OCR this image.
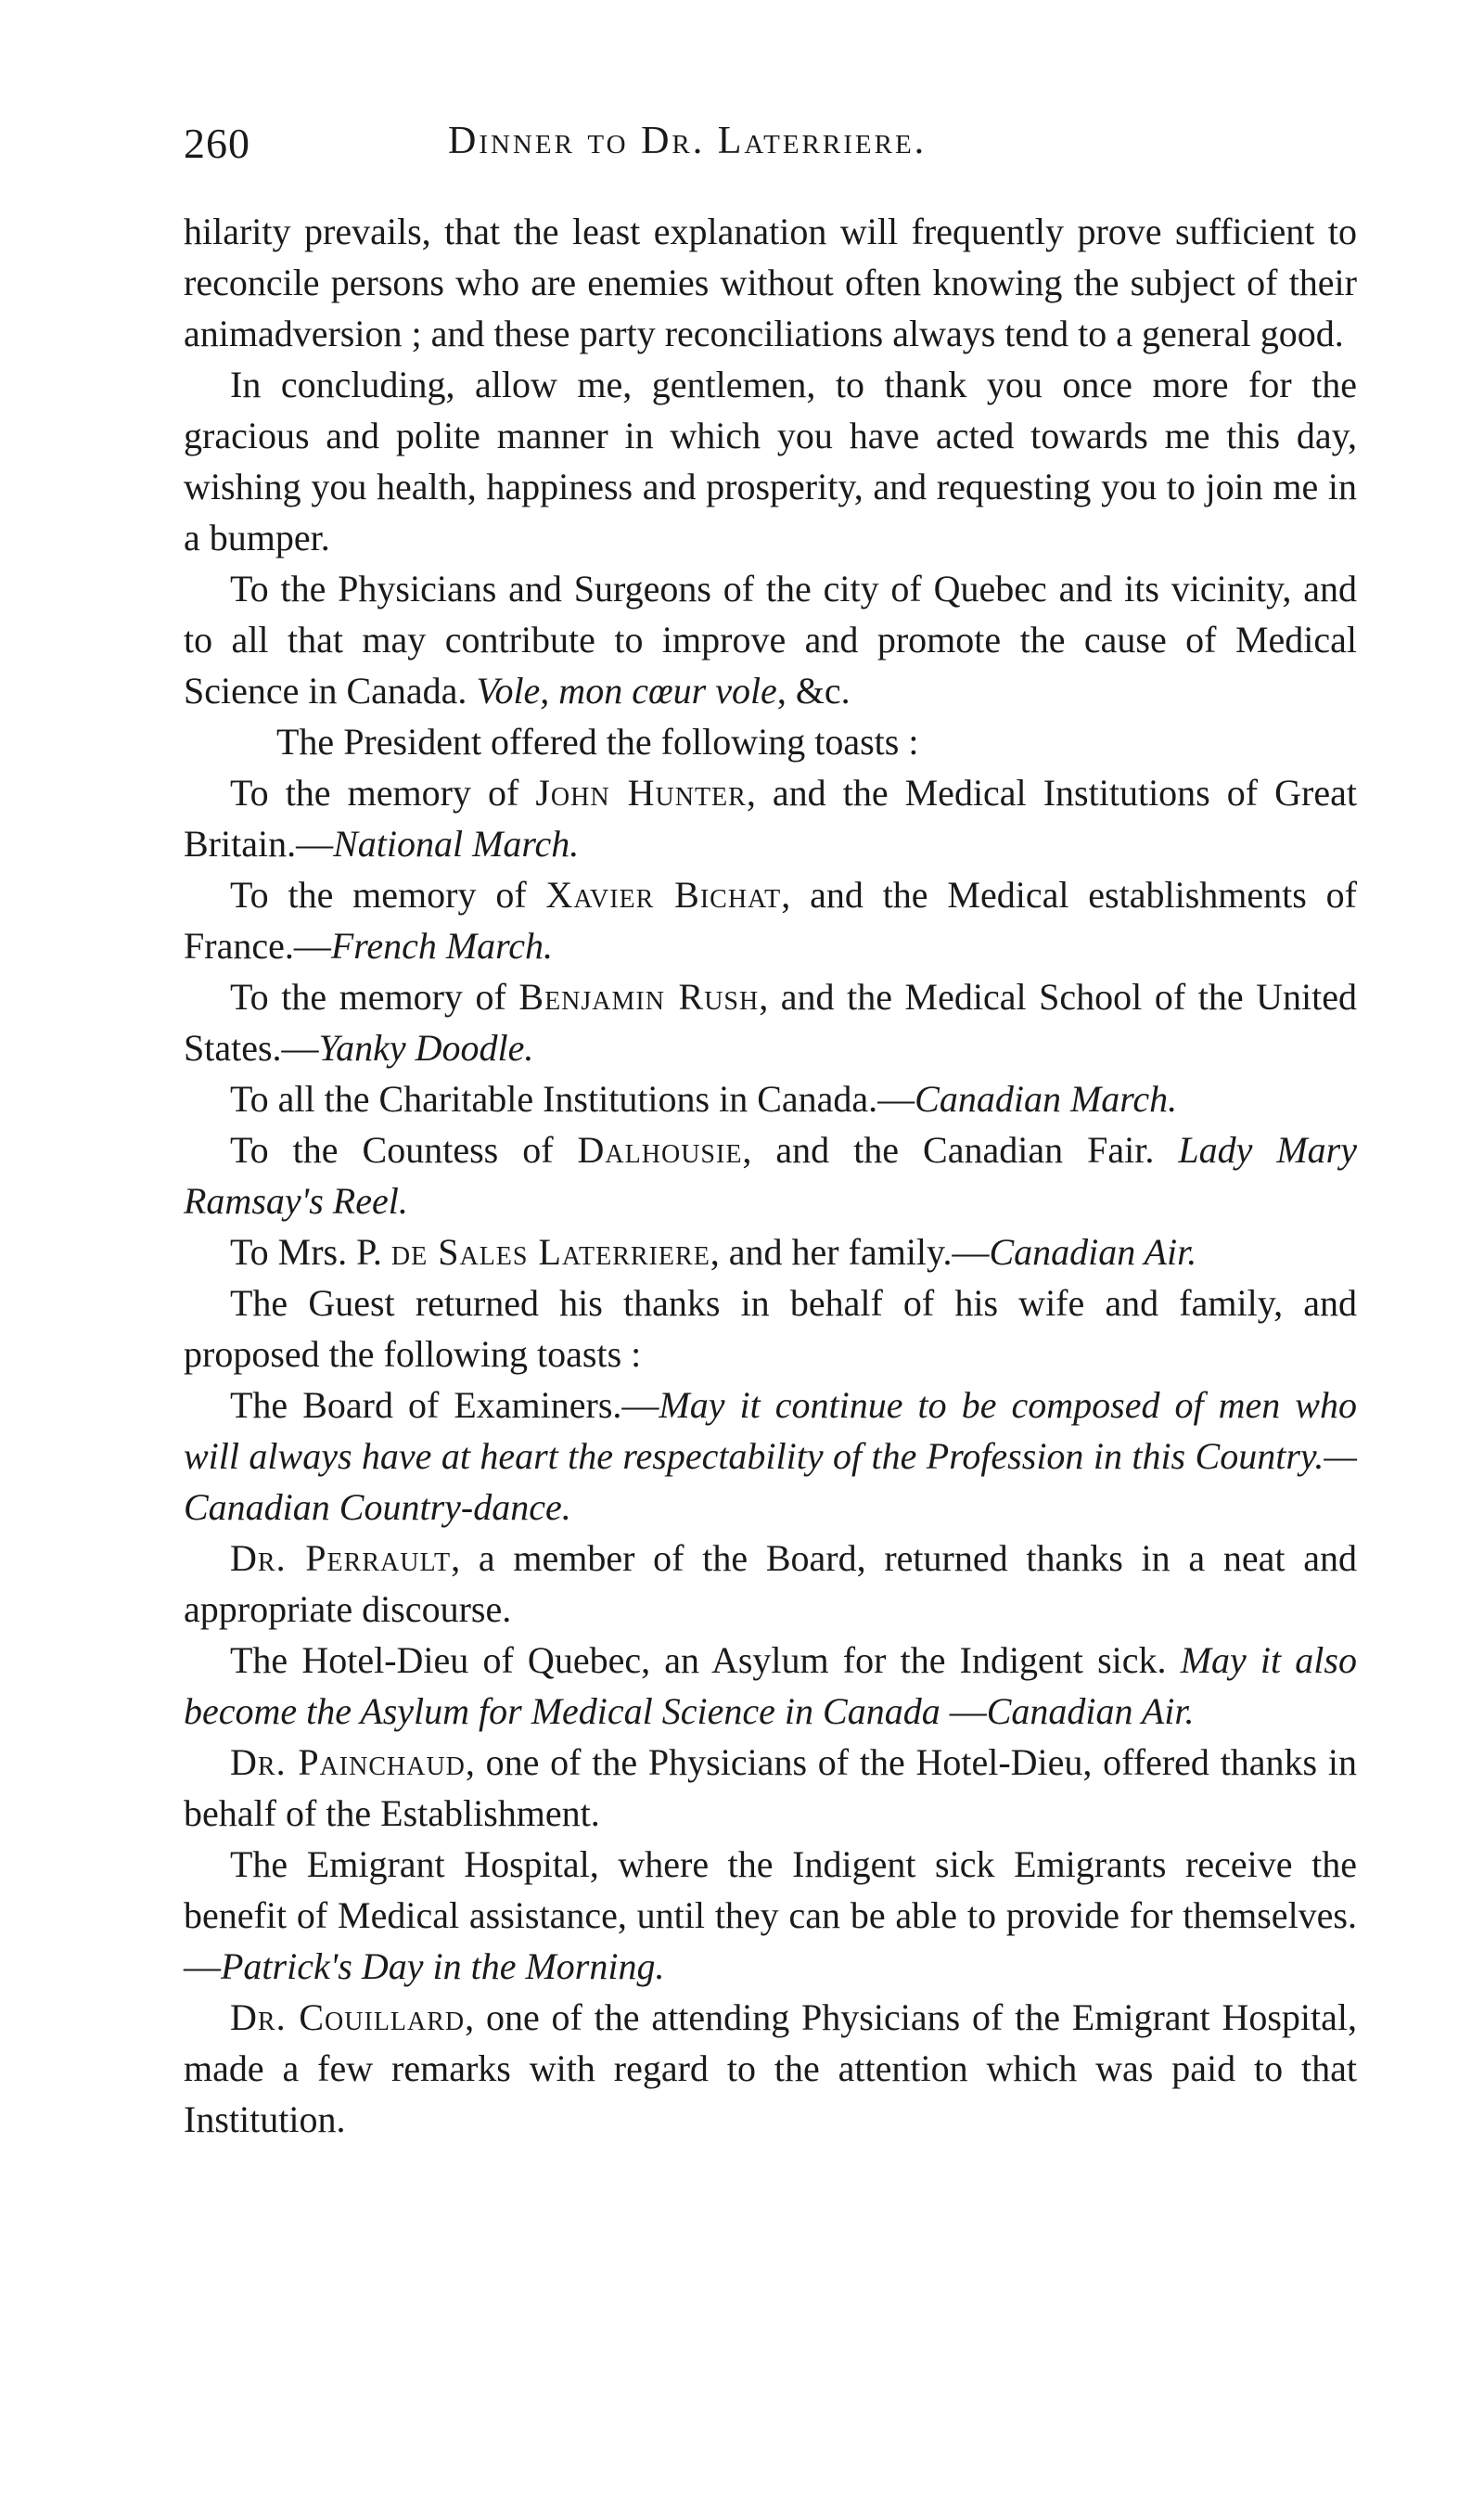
260	Dinner to Dr. Laterriere.

hilarity prevails, that the least explanation will frequently prove sufficient to reconcile persons who are enemies without often knowing the subject of their animadversion ; and these party reconciliations always tend to a general good.

In concluding, allow me, gentlemen, to thank you once more for the gracious and polite manner in which you have acted towards me this day, wishing you health, happiness and prosperity, and requesting you to join me in a bumper.

To the Physicians and Surgeons of the city of Quebec and its vicinity, and to all that may contribute to improve and promote the cause of Medical Science in Canada. Vole, mon cœur vole, &c.

The President offered the following toasts :

To the memory of John Hunter, and the Medical Institutions of Great Britain.—National March.

To the memory of Xavier Bichat, and the Medical establishments of France.—French March.

To the memory of Benjamin Rush, and the Medical School of the United States.—Yanky Doodle.

To all the Charitable Institutions in Canada.—Canadian March.

To the Countess of Dalhousie, and the Canadian Fair. Lady Mary Ramsay's Reel.

To Mrs. P. de Sales Laterriere, and her family.—Canadian Air.

The Guest returned his thanks in behalf of his wife and family, and proposed the following toasts :

The Board of Examiners.—May it continue to be composed of men who will always have at heart the respectability of the Profession in this Country.—Canadian Country-dance.

Dr. Perrault, a member of the Board, returned thanks in a neat and appropriate discourse.

The Hotel-Dieu of Quebec, an Asylum for the Indigent sick. May it also become the Asylum for Medical Science in Canada —Canadian Air.

Dr. Painchaud, one of the Physicians of the Hotel-Dieu, offered thanks in behalf of the Establishment.

The Emigrant Hospital, where the Indigent sick Emigrants receive the benefit of Medical assistance, until they can be able to provide for themselves.—Patrick's Day in the Morning.

Dr. Couillard, one of the attending Physicians of the Emigrant Hospital, made a few remarks with regard to the attention which was paid to that Institution.
